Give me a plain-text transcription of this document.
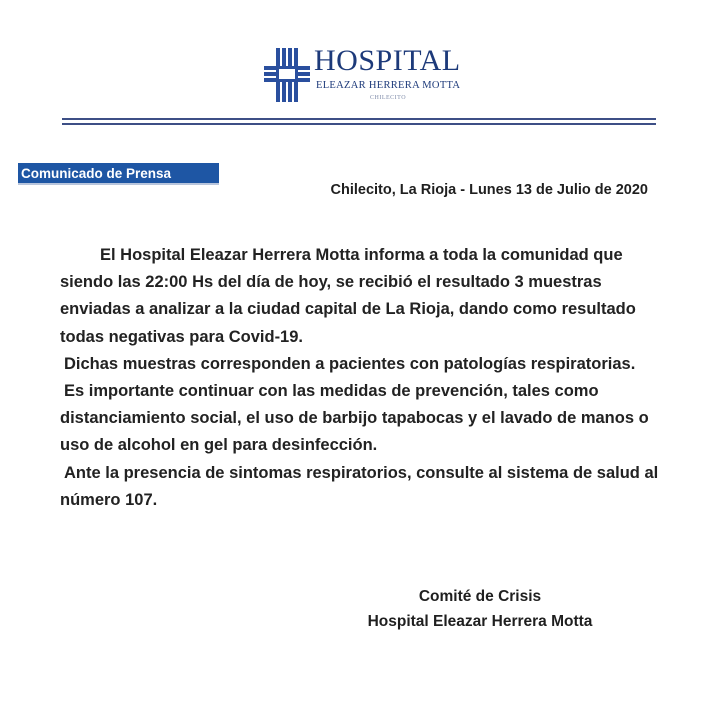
HOSPITAL
ELEAZAR HERRERA MOTTA
CHILECITO
Comunicado de Prensa
Chilecito, La Rioja - Lunes 13 de Julio de 2020

El Hospital Eleazar Herrera Motta informa a toda la comunidad que siendo las 22:00 Hs del día de hoy, se recibió el resultado 3 muestras enviadas a analizar a la ciudad capital de La Rioja, dando como resultado todas negativas para Covid-19.

Dichas muestras corresponden a pacientes con patologías respiratorias.

Es importante continuar con las medidas de prevención, tales como distanciamiento social, el uso de barbijo tapabocas y el lavado de manos o uso de alcohol en gel para desinfección.

Ante la presencia de sintomas respiratorios, consulte al sistema de salud al número 107.

Comité de Crisis
Hospital Eleazar Herrera Motta
